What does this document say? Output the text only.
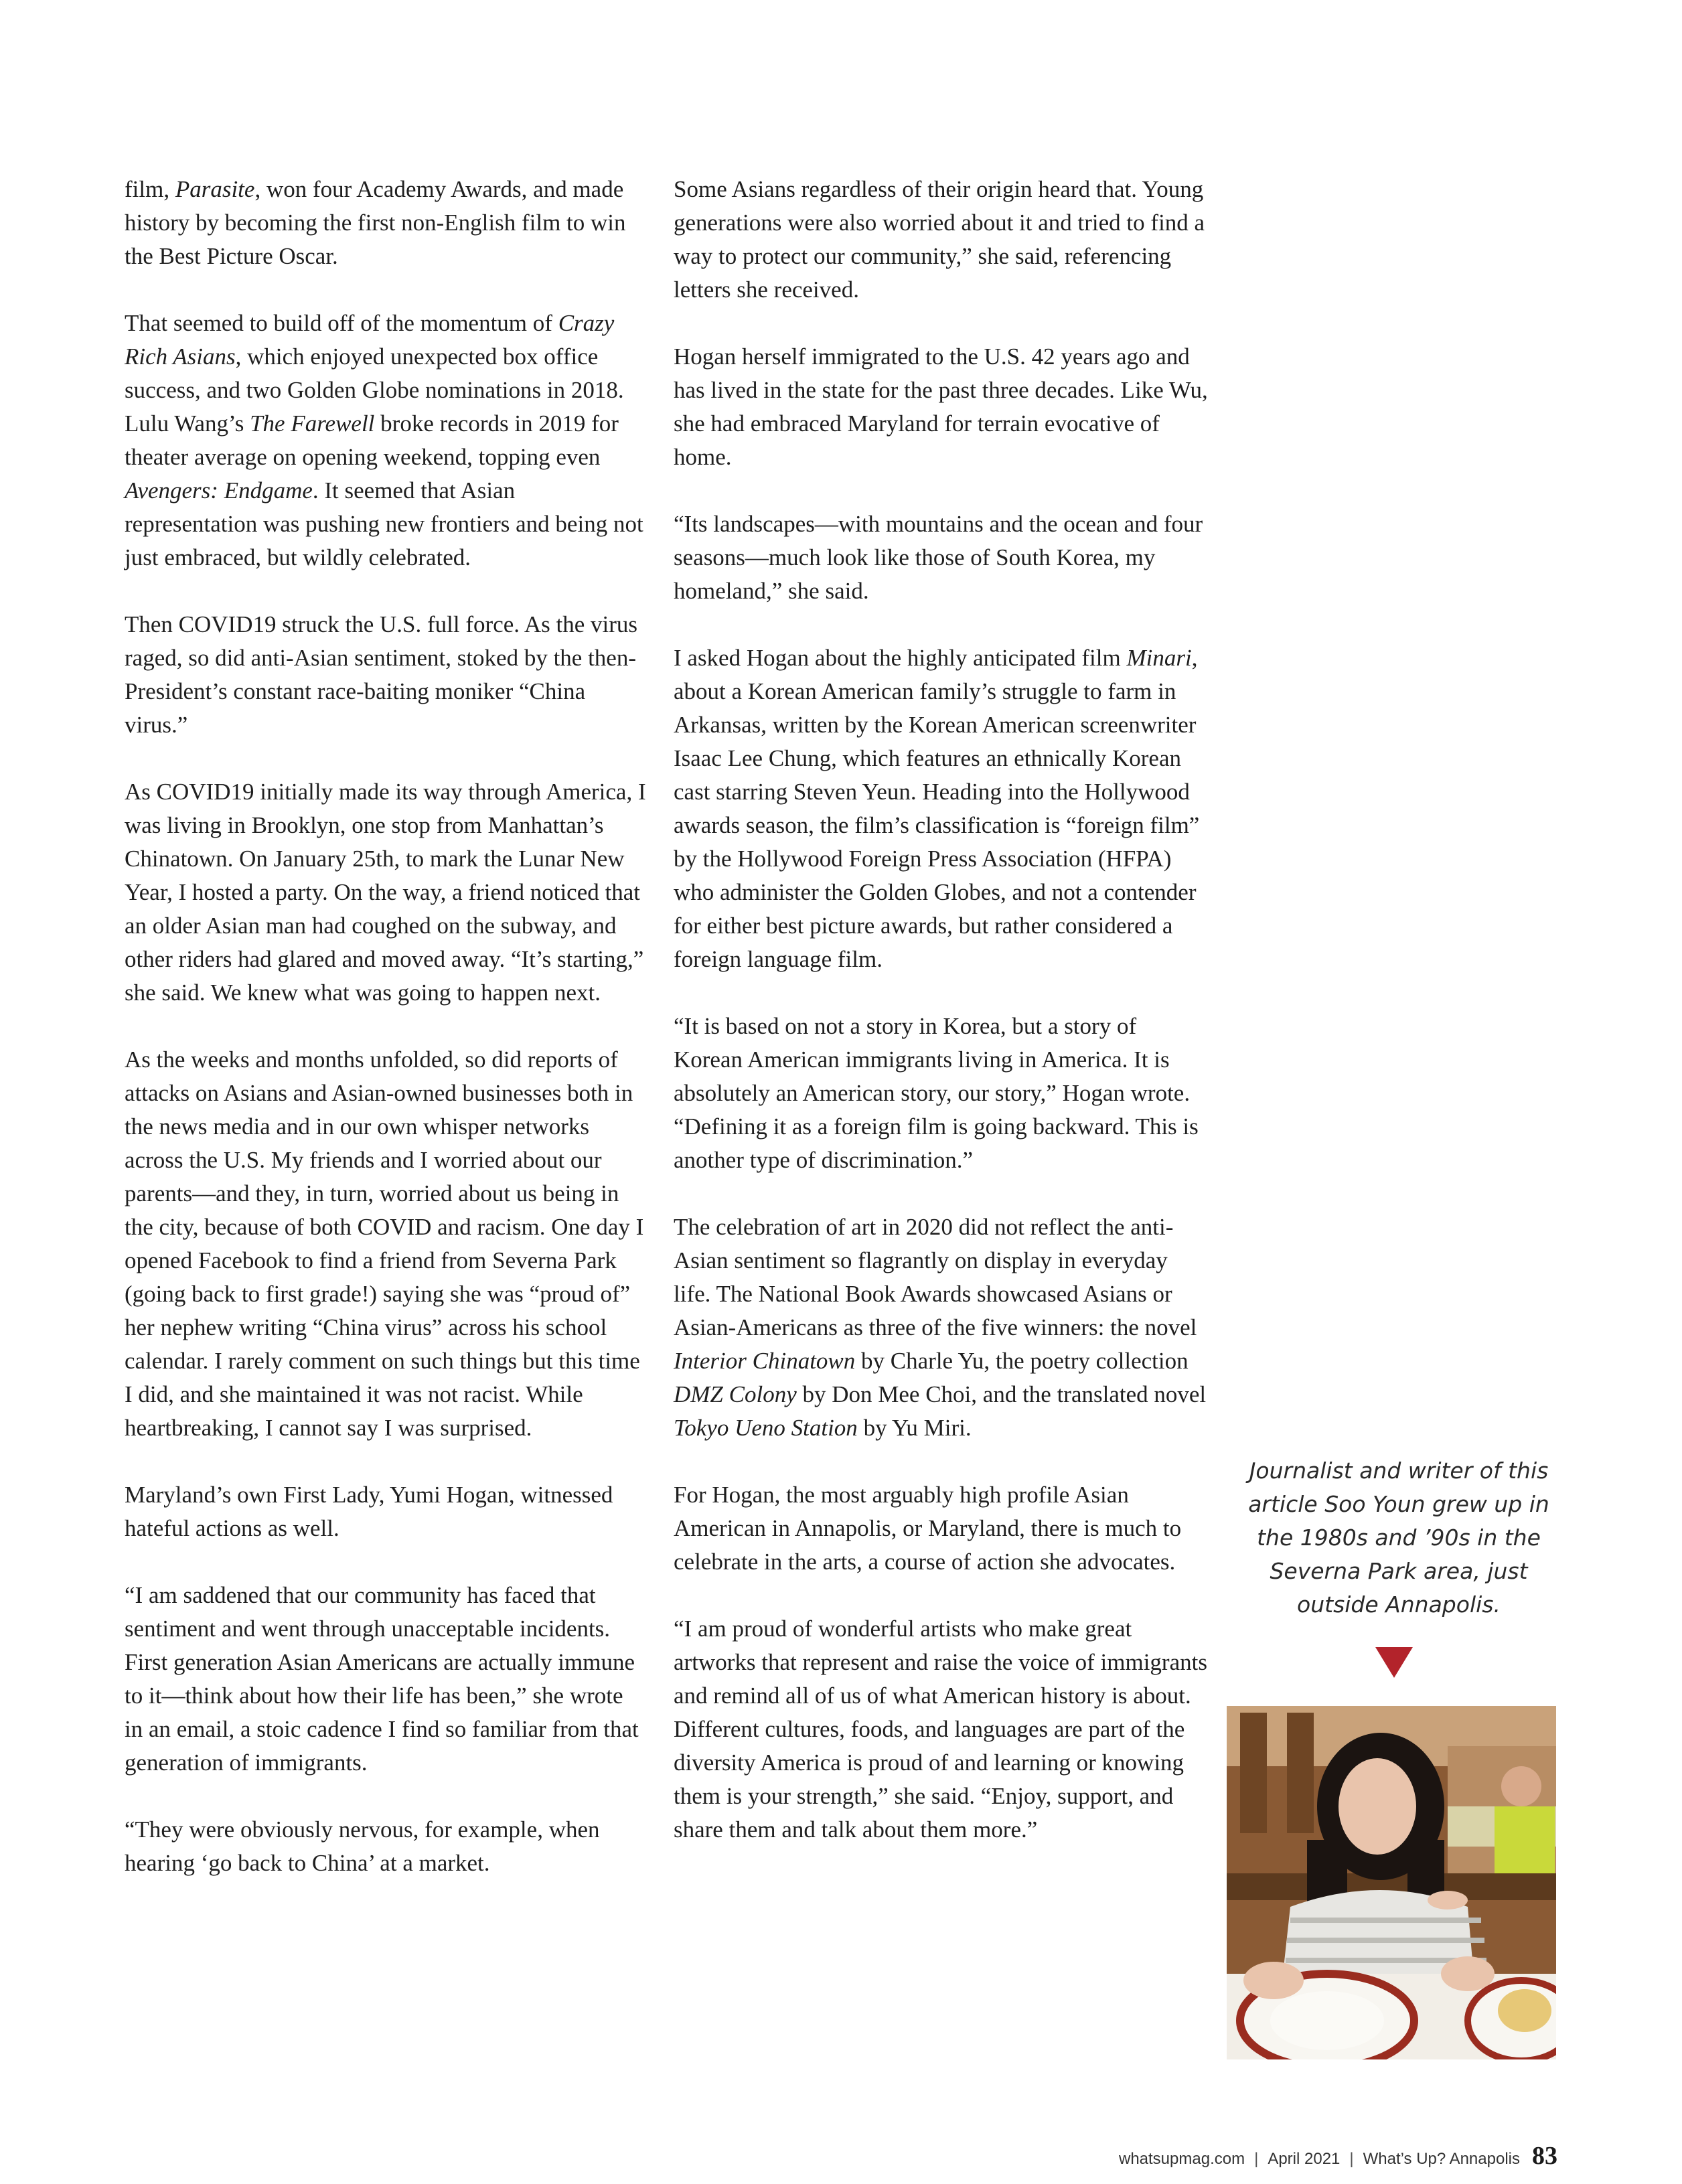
film, Parasite, won four Academy Awards, and made history by becoming the first non-English film to win the Best Picture Oscar.

That seemed to build off of the momentum of Crazy Rich Asians, which enjoyed unexpected box office success, and two Golden Globe nominations in 2018. Lulu Wang’s The Farewell broke records in 2019 for theater average on opening weekend, topping even Avengers: Endgame. It seemed that Asian representation was pushing new frontiers and being not just embraced, but wildly celebrated.

Then COVID19 struck the U.S. full force. As the virus raged, so did anti-Asian sentiment, stoked by the then-President’s constant race-baiting moniker “China virus.”

As COVID19 initially made its way through America, I was living in Brooklyn, one stop from Manhattan’s Chinatown. On January 25th, to mark the Lunar New Year, I hosted a party. On the way, a friend noticed that an older Asian man had coughed on the subway, and other riders had glared and moved away. “It’s starting,” she said. We knew what was going to happen next.

As the weeks and months unfolded, so did reports of attacks on Asians and Asian-owned businesses both in the news media and in our own whisper networks across the U.S. My friends and I worried about our parents—and they, in turn, worried about us being in the city, because of both COVID and racism. One day I opened Facebook to find a friend from Severna Park (going back to first grade!) saying she was “proud of” her nephew writing “China virus” across his school calendar. I rarely comment on such things but this time I did, and she maintained it was not racist. While heartbreaking, I cannot say I was surprised.

Maryland’s own First Lady, Yumi Hogan, witnessed hateful actions as well.

“I am saddened that our community has faced that sentiment and went through unacceptable incidents. First generation Asian Americans are actually immune to it—think about how their life has been,” she wrote in an email, a stoic cadence I find so familiar from that generation of immigrants.

“They were obviously nervous, for example, when hearing ‘go back to China’ at a market.

Some Asians regardless of their origin heard that. Young generations were also worried about it and tried to find a way to protect our community,” she said, referencing letters she received.

Hogan herself immigrated to the U.S. 42 years ago and has lived in the state for the past three decades. Like Wu, she had embraced Maryland for terrain evocative of home.

“Its landscapes—with mountains and the ocean and four seasons—much look like those of South Korea, my homeland,” she said.

I asked Hogan about the highly anticipated film Minari, about a Korean American family’s struggle to farm in Arkansas, written by the Korean American screenwriter Isaac Lee Chung, which features an ethnically Korean cast starring Steven Yeun. Heading into the Hollywood awards season, the film’s classification is “foreign film” by the Hollywood Foreign Press Association (HFPA) who administer the Golden Globes, and not a contender for either best picture awards, but rather considered a foreign language film.

“It is based on not a story in Korea, but a story of Korean American immigrants living in America. It is absolutely an American story, our story,” Hogan wrote. “Defining it as a foreign film is going backward. This is another type of discrimination.”

The celebration of art in 2020 did not reflect the anti-Asian sentiment so flagrantly on display in everyday life. The National Book Awards showcased Asians or Asian-Americans as three of the five winners: the novel Interior Chinatown by Charle Yu, the poetry collection DMZ Colony by Don Mee Choi, and the translated novel Tokyo Ueno Station by Yu Miri.

For Hogan, the most arguably high profile Asian American in Annapolis, or Maryland, there is much to celebrate in the arts, a course of action she advocates.

“I am proud of wonderful artists who make great artworks that represent and raise the voice of immigrants and remind all of us of what American history is about. Different cultures, foods, and languages are part of the diversity America is proud of and learning or knowing them is your strength,” she said. “Enjoy, support, and share them and talk about them more.”

Journalist and writer of this article Soo Youn grew up in the 1980s and ’90s in the Severna Park area, just outside Annapolis.
whatsupmag.com | April 2021 | What’s Up? Annapolis 83
